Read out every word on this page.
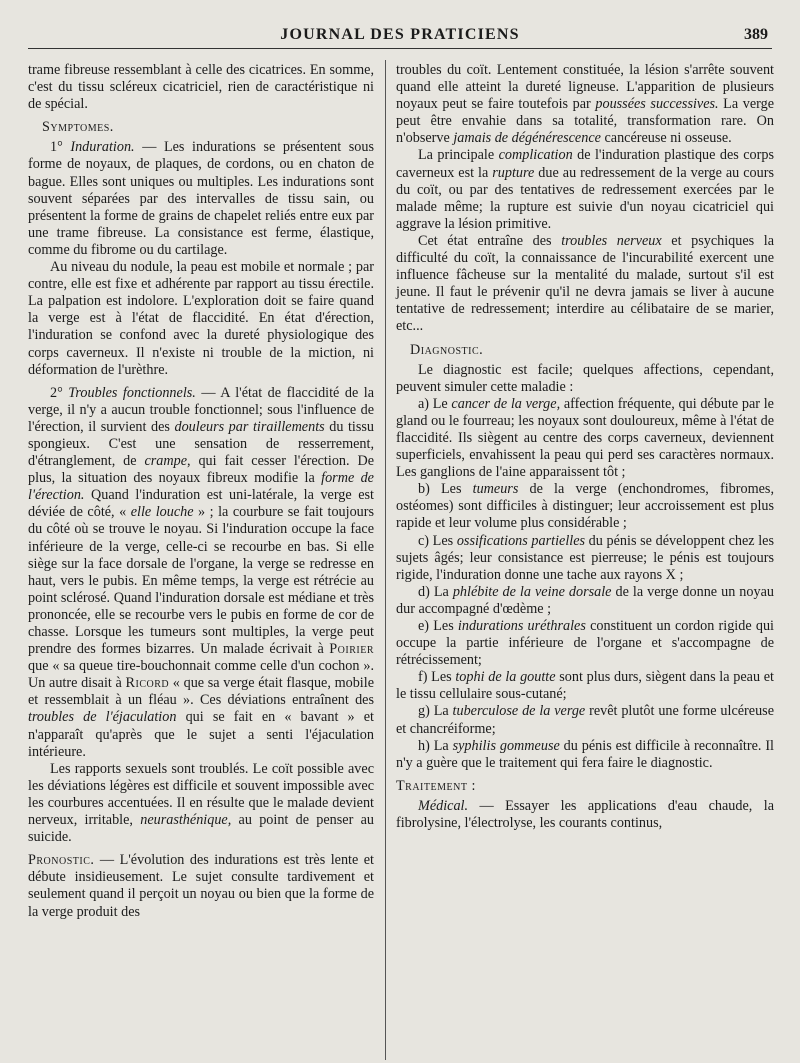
JOURNAL DES PRATICIENS	389

trame fibreuse ressemblant à celle des cicatrices. En somme, c'est du tissu scléreux cicatriciel, rien de caractéristique ni de spécial.

Symptomes.

1° Induration. — Les indurations se présentent sous forme de noyaux, de plaques, de cordons, ou en chaton de bague. Elles sont uniques ou multiples. Les indurations sont souvent séparées par des intervalles de tissu sain, ou présentent la forme de grains de chapelet reliés entre eux par une trame fibreuse. La consistance est ferme, élastique, comme du fibrome ou du cartilage.

Au niveau du nodule, la peau est mobile et normale ; par contre, elle est fixe et adhérente par rapport au tissu érectile. La palpation est indolore. L'exploration doit se faire quand la verge est à l'état de flaccidité. En état d'érection, l'induration se confond avec la dureté physiologique des corps caverneux. Il n'existe ni trouble de la miction, ni déformation de l'urèthre.

2° Troubles fonctionnels. — A l'état de flaccidité de la verge, il n'y a aucun trouble fonctionnel; sous l'influence de l'érection, il survient des douleurs par tiraillements du tissu spongieux. C'est une sensation de resserrement, d'étranglement, de crampe, qui fait cesser l'érection. De plus, la situation des noyaux fibreux modifie la forme de l'érection. Quand l'induration est uni-latérale, la verge est déviée de côté, « elle louche » ; la courbure se fait toujours du côté où se trouve le noyau. Si l'induration occupe la face inférieure de la verge, celle-ci se recourbe en bas. Si elle siège sur la face dorsale de l'organe, la verge se redresse en haut, vers le pubis. En même temps, la verge est rétrécie au point sclérosé. Quand l'induration dorsale est médiane et très prononcée, elle se recourbe vers le pubis en forme de cor de chasse. Lorsque les tumeurs sont multiples, la verge peut prendre des formes bizarres. Un malade écrivait à Poirier que « sa queue tire-bouchonnait comme celle d'un cochon ». Un autre disait à Ricord « que sa verge était flasque, mobile et ressemblait à un fléau ». Ces déviations entraînent des troubles de l'éjaculation qui se fait en « bavant » et n'apparaît qu'après que le sujet a senti l'éjaculation intérieure.

Les rapports sexuels sont troublés. Le coït possible avec les déviations légères est difficile et souvent impossible avec les courbures accentuées. Il en résulte que le malade devient nerveux, irritable, neurasthénique, au point de penser au suicide.

Pronostic. — L'évolution des indurations est très lente et débute insidieusement. Le sujet consulte tardivement et seulement quand il perçoit un noyau ou bien que la forme de la verge produit des

troubles du coït. Lentement constituée, la lésion s'arrête souvent quand elle atteint la dureté ligneuse. L'apparition de plusieurs noyaux peut se faire toutefois par poussées successives. La verge peut être envahie dans sa totalité, transformation rare. On n'observe jamais de dégénérescence cancéreuse ni osseuse.

La principale complication de l'induration plastique des corps caverneux est la rupture due au redressement de la verge au cours du coït, ou par des tentatives de redressement exercées par le malade même; la rupture est suivie d'un noyau cicatriciel qui aggrave la lésion primitive.

Cet état entraîne des troubles nerveux et psychiques la difficulté du coït, la connaissance de l'incurabilité exercent une influence fâcheuse sur la mentalité du malade, surtout s'il est jeune. Il faut le prévenir qu'il ne devra jamais se liver à aucune tentative de redressement; interdire au célibataire de se marier, etc...

Diagnostic.

Le diagnostic est facile; quelques affections, cependant, peuvent simuler cette maladie :

a) Le cancer de la verge, affection fréquente, qui débute par le gland ou le fourreau; les noyaux sont douloureux, même à l'état de flaccidité. Ils siègent au centre des corps caverneux, deviennent superficiels, envahissent la peau qui perd ses caractères normaux. Les ganglions de l'aine apparaissent tôt ;

b) Les tumeurs de la verge (enchondromes, fibromes, ostéomes) sont difficiles à distinguer; leur accroissement est plus rapide et leur volume plus considérable ;

c) Les ossifications partielles du pénis se développent chez les sujets âgés; leur consistance est pierreuse; le pénis est toujours rigide, l'induration donne une tache aux rayons X ;

d) La phlébite de la veine dorsale de la verge donne un noyau dur accompagné d'œdème ;

e) Les indurations uréthrales constituent un cordon rigide qui occupe la partie inférieure de l'organe et s'accompagne de rétrécissement;

f) Les tophi de la goutte sont plus durs, siègent dans la peau et le tissu cellulaire sous-cutané;

g) La tuberculose de la verge revêt plutôt une forme ulcéreuse et chancréiforme;

h) La syphilis gommeuse du pénis est difficile à reconnaître. Il n'y a guère que le traitement qui fera faire le diagnostic.

Traitement :

Médical. — Essayer les applications d'eau chaude, la fibrolysine, l'électrolyse, les courants continus,
